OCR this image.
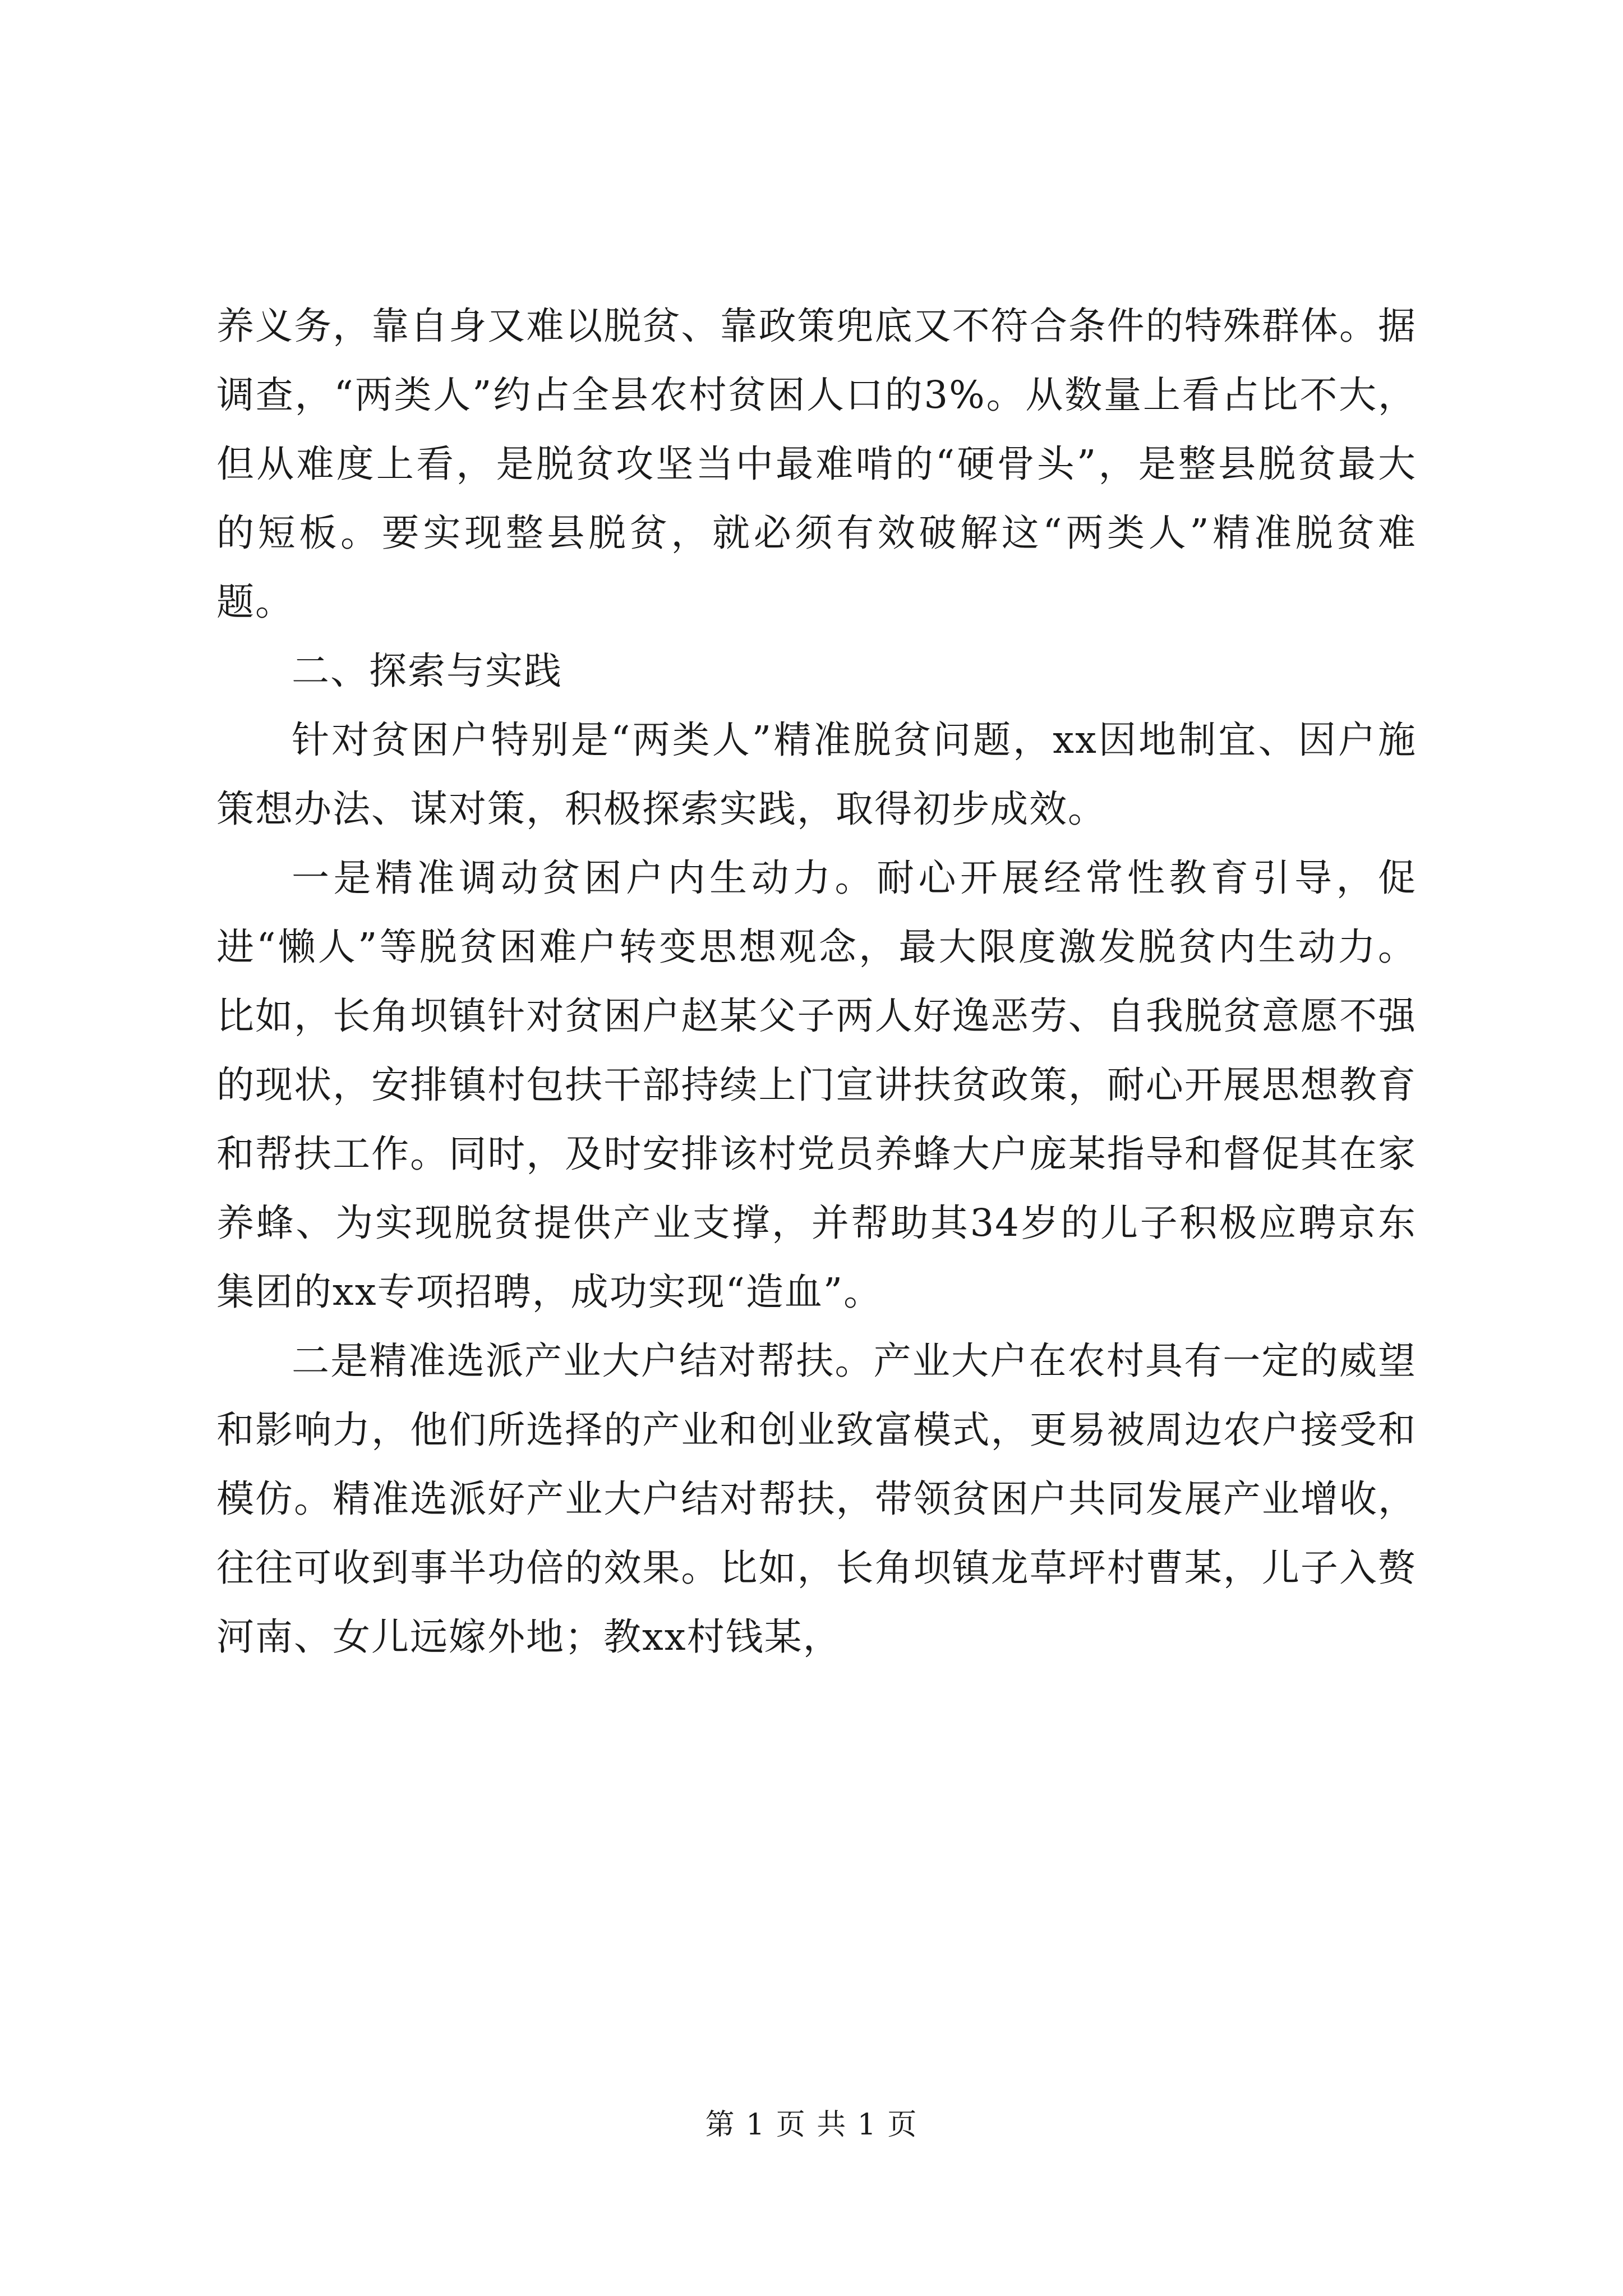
养义务，靠自身又难以脱贫、靠政策兜底又不符合条件的特殊群体。据调查，“两类人”约占全县农村贫困人口的3%。从数量上看占比不大，但从难度上看，是脱贫攻坚当中最难啃的“硬骨头”，是整县脱贫最大的短板。要实现整县脱贫，就必须有效破解这“两类人”精准脱贫难题。

二、探索与实践

针对贫困户特别是“两类人”精准脱贫问题，xx因地制宜、因户施策想办法、谋对策，积极探索实践，取得初步成效。

一是精准调动贫困户内生动力。耐心开展经常性教育引导，促进“懒人”等脱贫困难户转变思想观念，最大限度激发脱贫内生动力。比如，长角坝镇针对贫困户赵某父子两人好逸恶劳、自我脱贫意愿不强的现状，安排镇村包扶干部持续上门宣讲扶贫政策，耐心开展思想教育和帮扶工作。同时，及时安排该村党员养蜂大户庞某指导和督促其在家养蜂、为实现脱贫提供产业支撑，并帮助其34岁的儿子积极应聘京东集团的xx专项招聘，成功实现“造血”。

二是精准选派产业大户结对帮扶。产业大户在农村具有一定的威望和影响力，他们所选择的产业和创业致富模式，更易被周边农户接受和模仿。精准选派好产业大户结对帮扶，带领贫困户共同发展产业增收，往往可收到事半功倍的效果。比如，长角坝镇龙草坪村曹某，儿子入赘河南、女儿远嫁外地；教xx村钱某，

第 1 页 共 1 页
